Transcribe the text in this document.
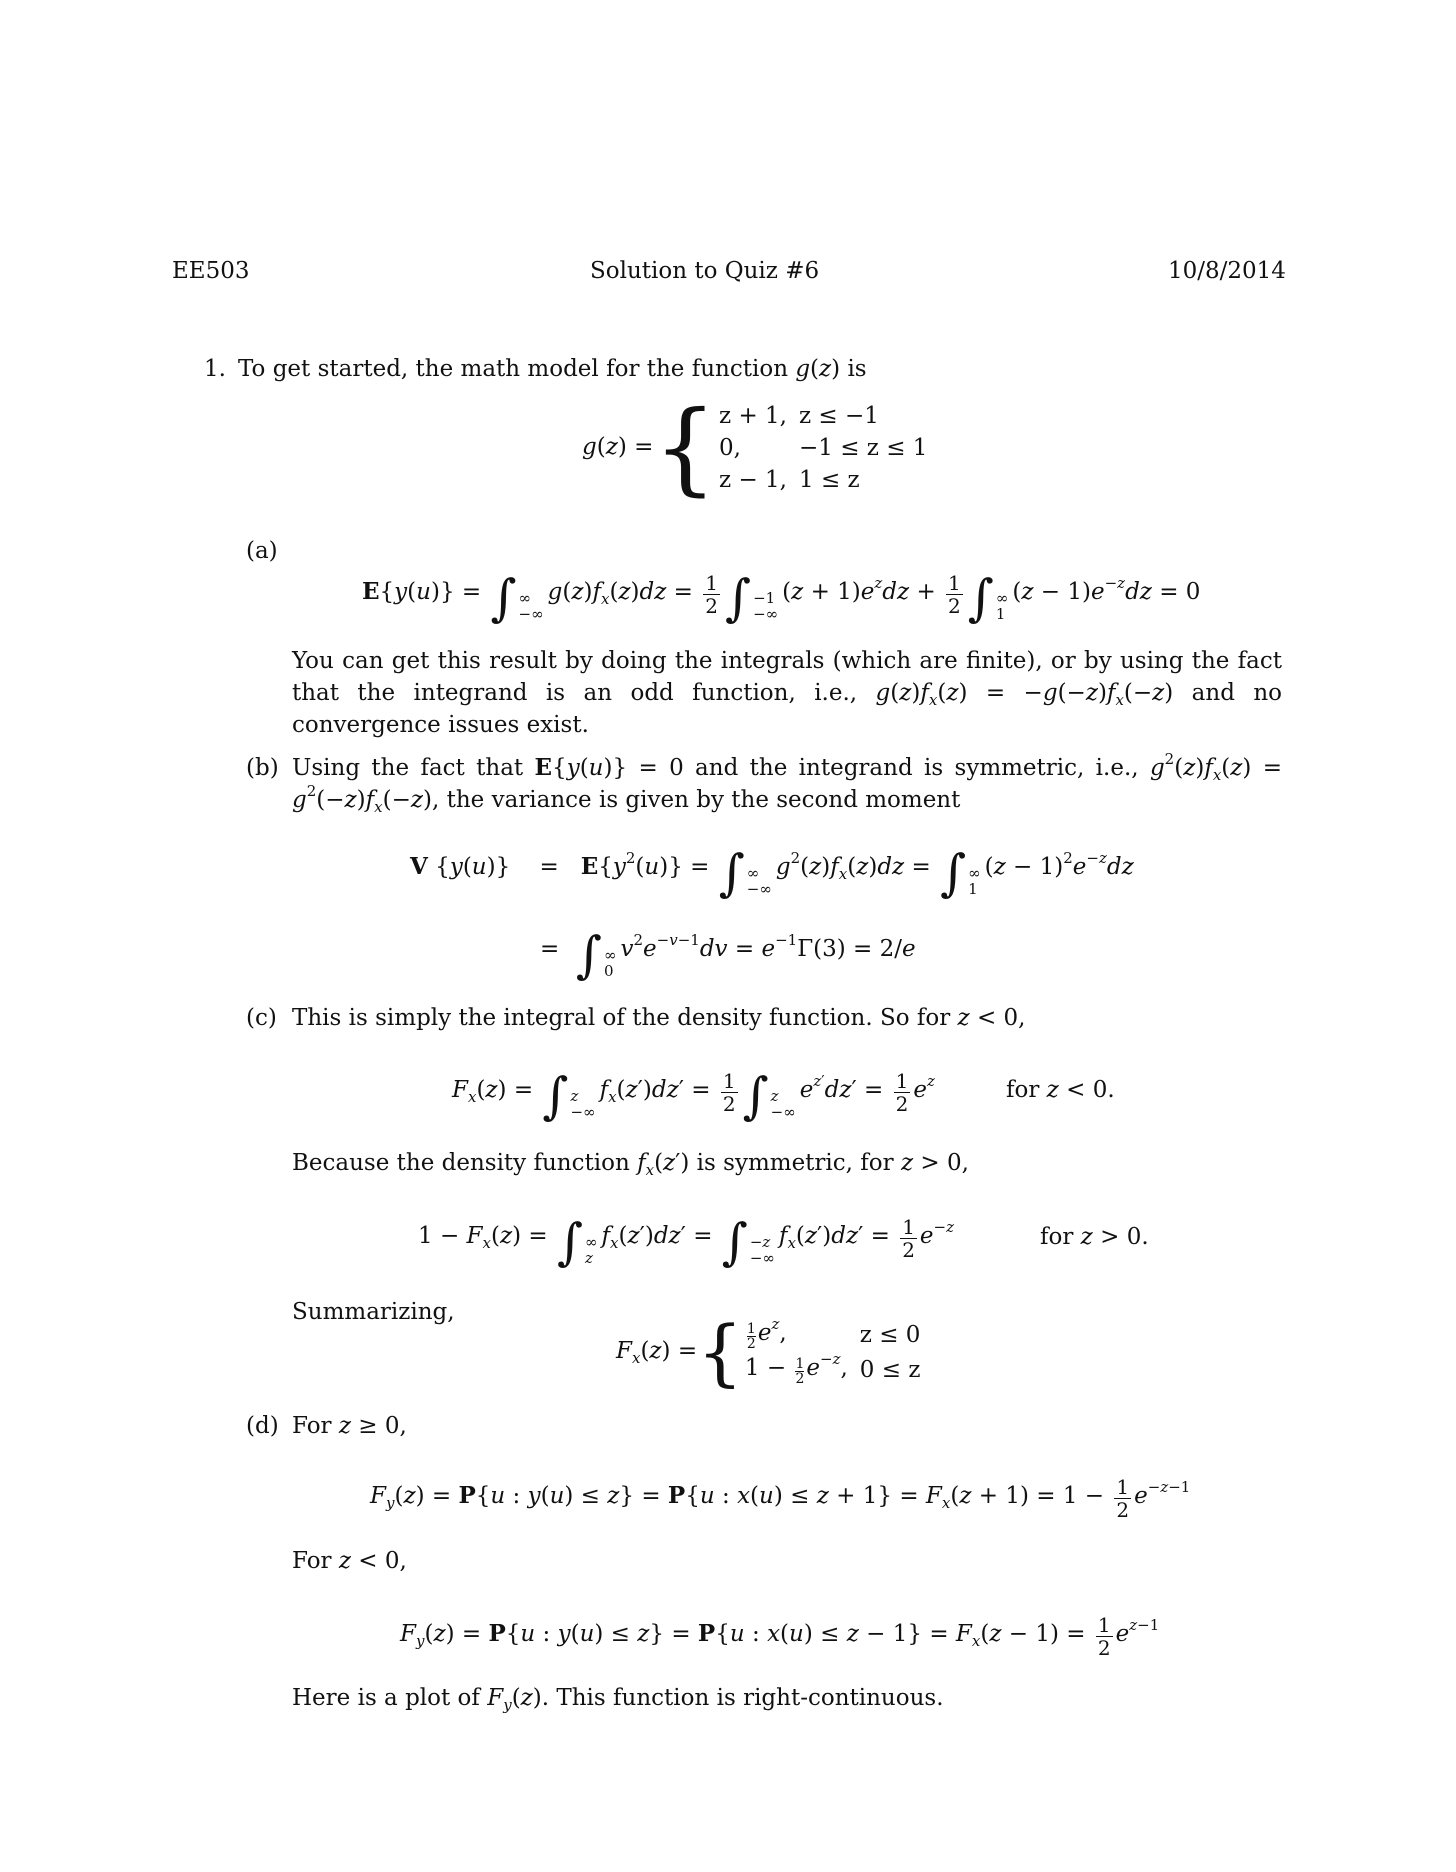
EE503	Solution to Quiz #6	10/8/2014
1. To get started, the math model for the function g(z) is
g(z) ={ z + 1,	z ≤ −1
0,	−1 ≤ z ≤ 1
z − 1,	1 ≤ z
(a)
E{y(u)} = ∫ ∞
−∞
$g(z)f_x(z)dz = \frac{1}{2}$ ∫ −1
−∞
$(z + 1)e^zdz + \frac{1}{2}$ ∫ ∞
1
$(z - 1)e^{-z}dz = 0$
You can get this result by doing the integrals (which are finite), or by using the fact that the integrand is an odd function, i.e., $g(z)f_x(z) = -g(-z)f_x(-z)$ and no convergence issues exist.
(b) Using the fact that E{y(u)} = 0 and the integrand is symmetric, i.e., $g^2(z)f_x(z) = g^2(-z)f_x(-z)$, the variance is given by the second moment
V {y(u)}    =   $E\{y^2(u)\}$ = ∫ ∞
−∞
$g^2(z)f_x(z)dz$ = ∫ ∞
1
$(z - 1)^2e^{-z}dz$
=  ∫ ∞
0
$v^2e^{-v-1}dv = e^{-1}\Gamma(3) = 2/e$
(c) This is simply the integral of the density function. So for z < 0,
$F_x(z)$ = ∫ z
−∞
$f_x(z')dz' = \frac{1}{2}$ ∫ z
−∞
$e^{z'}dz' = \frac{1}{2} e^z$	for z < 0.
Because the density function $f_x(z')$ is symmetric, for z > 0,
$1 - F_x(z)$ = ∫ ∞
z
$f_x(z')dz'$ = ∫ −z
−∞
$f_x(z')dz' = \frac{1}{2} e^{-z}$	for z > 0.
Summarizing,
$F_x(z)$ ={ $\frac{1}{2} e^z$,	z ≤ 0
$1 - \frac{1}{2} e^{-z}$,	0 ≤ z
(d) For z ≥ 0,
$F_y(z) = P\{u$ : y(u) ≤ z} = P{u : $x(u) \le z + 1\} = F_x(z + 1) = 1 - \frac{1}{2} e^{-z-1}$
For z < 0,
$F_y(z) = P\{u$ : y(u) ≤ z} = P{u : $x(u) \le z - 1\} = F_x(z - 1) = \frac{1}{2} e^{z-1}$
Here is a plot of $F_y(z)$. This function is right-continuous.
